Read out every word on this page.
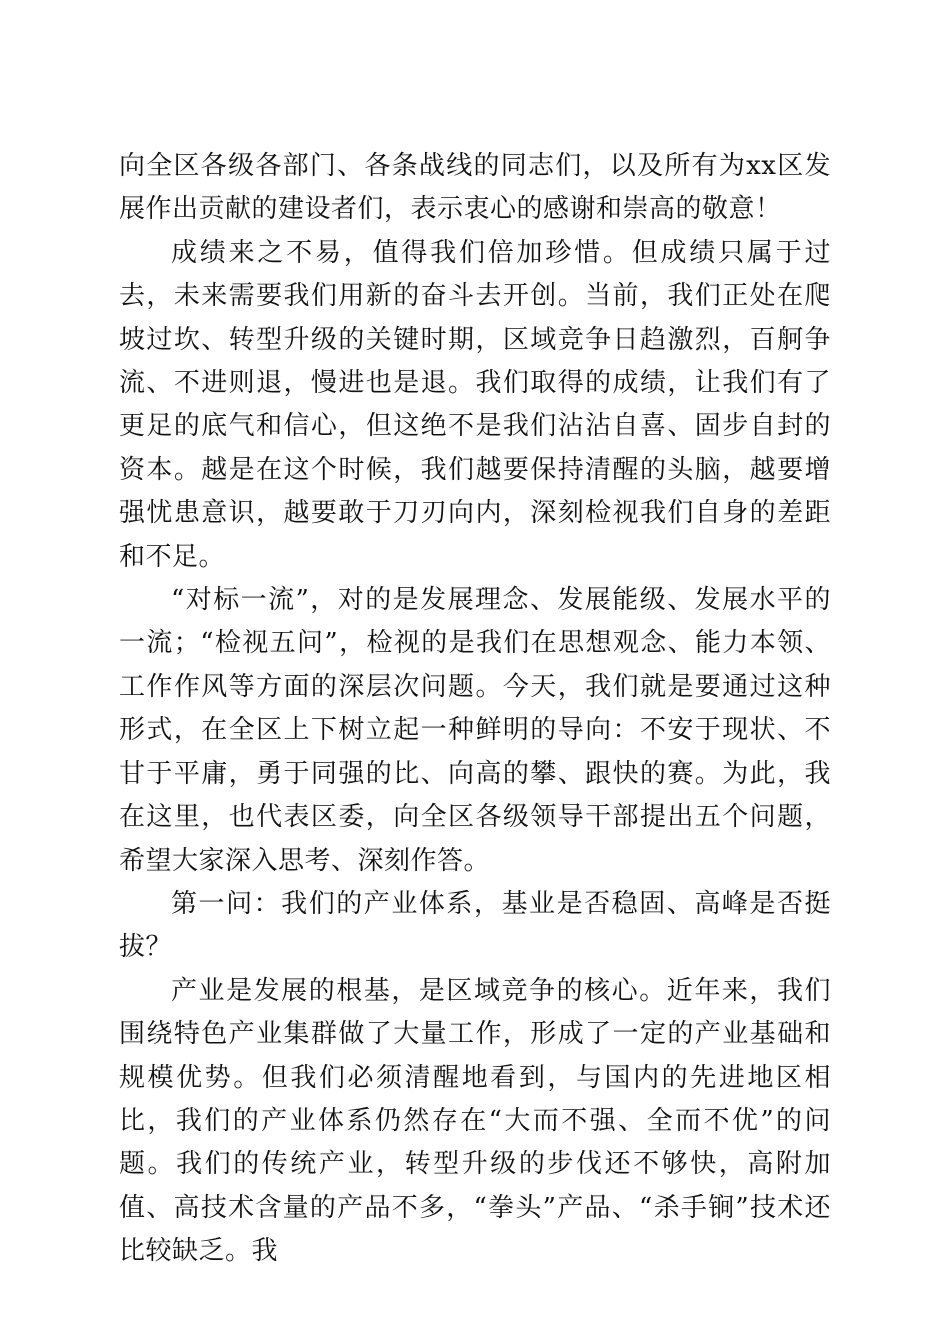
向全区各级各部门、各条战线的同志们，以及所有为xx区发展作出贡献的建设者们，表示衷心的感谢和崇高的敬意！

成绩来之不易，值得我们倍加珍惜。但成绩只属于过去，未来需要我们用新的奋斗去开创。当前，我们正处在爬坡过坎、转型升级的关键时期，区域竞争日趋激烈，百舸争流、不进则退，慢进也是退。我们取得的成绩，让我们有了更足的底气和信心，但这绝不是我们沾沾自喜、固步自封的资本。越是在这个时候，我们越要保持清醒的头脑，越要增强忧患意识，越要敢于刀刃向内，深刻检视我们自身的差距和不足。

“对标一流”，对的是发展理念、发展能级、发展水平的一流；“检视五问”，检视的是我们在思想观念、能力本领、工作作风等方面的深层次问题。今天，我们就是要通过这种形式，在全区上下树立起一种鲜明的导向：不安于现状、不甘于平庸，勇于同强的比、向高的攀、跟快的赛。为此，我在这里，也代表区委，向全区各级领导干部提出五个问题，希望大家深入思考、深刻作答。

第一问：我们的产业体系，基业是否稳固、高峰是否挺拔？

产业是发展的根基，是区域竞争的核心。近年来，我们围绕特色产业集群做了大量工作，形成了一定的产业基础和规模优势。但我们必须清醒地看到，与国内的先进地区相比，我们的产业体系仍然存在“大而不强、全而不优”的问题。我们的传统产业，转型升级的步伐还不够快，高附加值、高技术含量的产品不多，“拳头”产品、“杀手锏”技术还比较缺乏。我
